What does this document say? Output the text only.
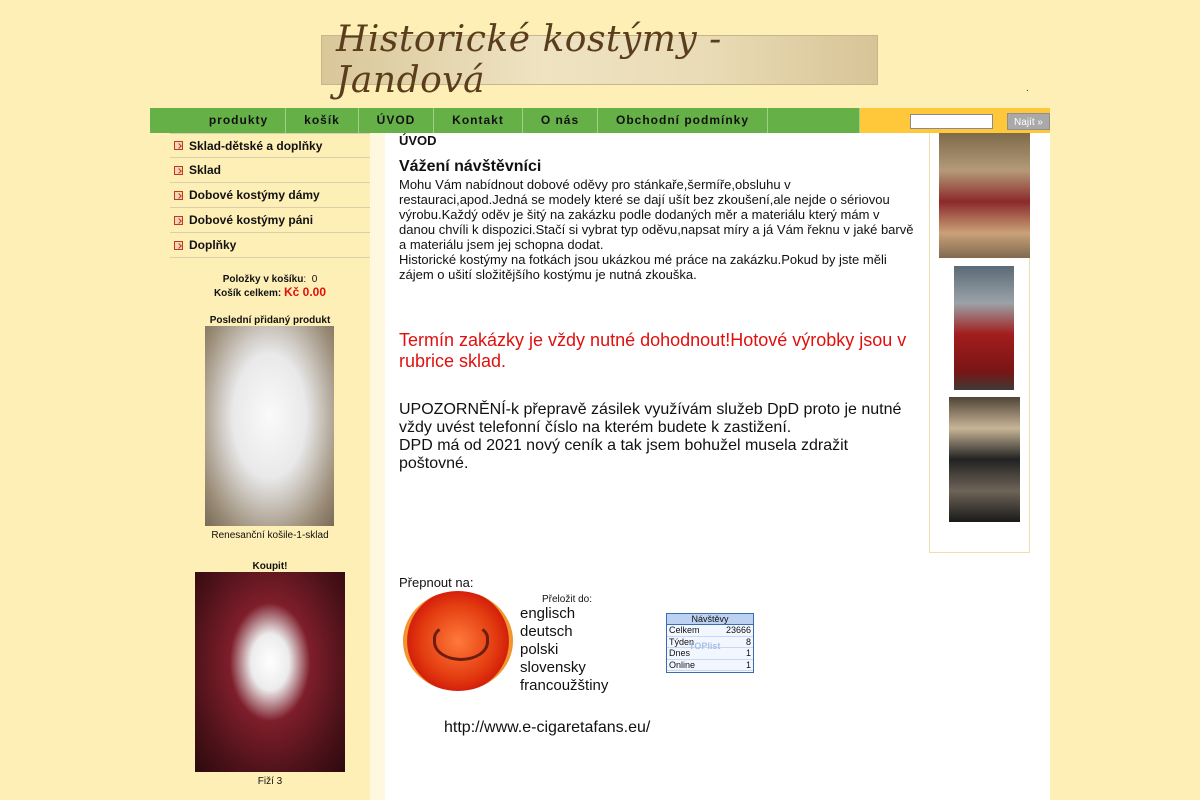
Historické kostýmy - Jandová	.
produkty	košík	ÚVOD	Kontakt	O nás	Obchodní podmínky	Najít »
Sklad-dětské a doplňky
Sklad
Dobové kostýmy dámy
Dobové kostýmy páni
Doplňky
Položky v košíku:  0
Košík celkem: Kč 0.00
Poslední přidaný produkt
Renesanční košile-1-sklad
Koupit!
Fiží 3
ÚVOD
Vážení návštěvníci
Mohu Vám nabídnout dobové oděvy pro stánkaře,šermíře,obsluhu v restauraci,apod.Jedná se modely které se dají ušít bez zkoušení,ale nejde o sériovou výrobu.Každý oděv je šitý na zakázku podle dodaných měr a materiálu který mám v danou chvíli k dispozici.Stačí si vybrat typ oděvu,napsat míry a já Vám řeknu v jaké barvě a materiálu jsem jej schopna dodat.
Historické kostýmy na fotkách jsou ukázkou mé práce na zakázku.Pokud by jste měli zájem o ušití složitějšího kostýmu je nutná zkouška.
Termín zakázky je vždy nutné dohodnout!Hotové výrobky jsou v rubrice sklad.
UPOZORNĚNÍ-k přepravě zásilek využívám služeb DpD proto je nutné vždy uvést telefonní číslo na kterém budete k zastižení.
DPD má od 2021 nový ceník a tak jsem bohužel musela zdražit poštovné.
Přepnout na:
Přeložit do:
englisch
deutsch
polski
slovensky
francoužštiny
Návštěvy
Celkem	23666
Týden	8
Dnes	1
Online	1
TOPlist
http://www.e-cigaretafans.eu/
